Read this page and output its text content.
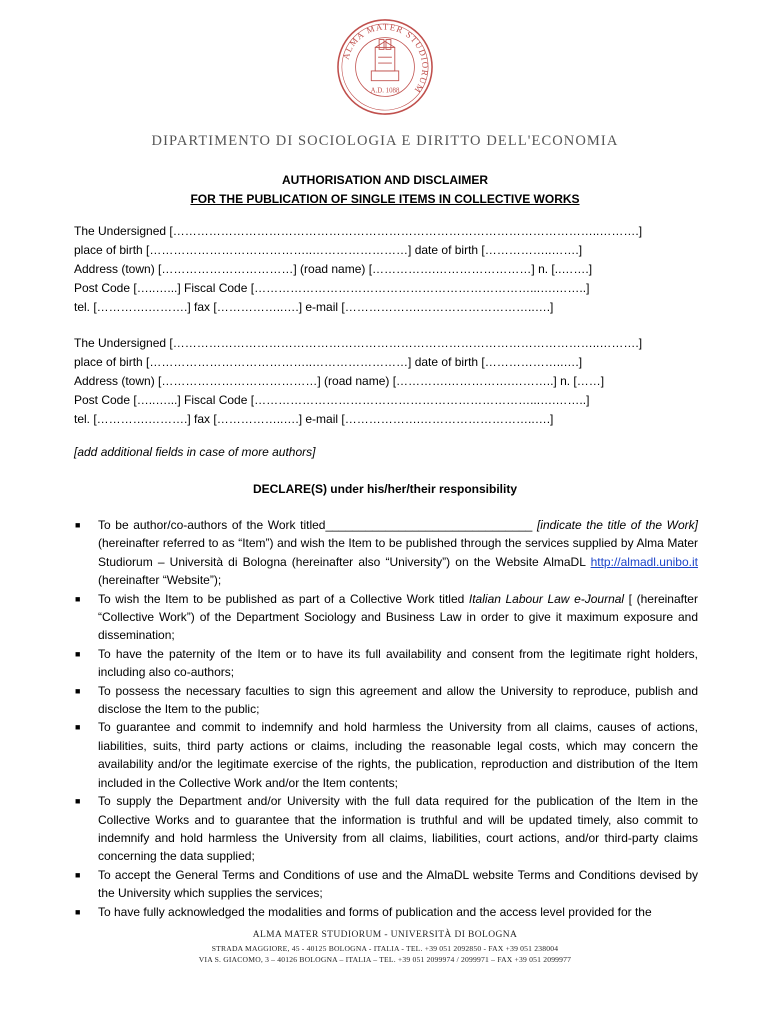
ALMA MATER STUDIORUM
A.D. 1088
DIPARTIMENTO DI SOCIOLOGIA E DIRITTO DELL'ECONOMIA
AUTHORISATION AND DISCLAIMER
FOR THE PUBLICATION OF SINGLE ITEMS IN COLLECTIVE WORKS
The Undersigned [……………………………………………………………………………………………..……….]
place of birth […………………………………..……………………] date of birth [……………..…….]
Address (town) [……………………………] (road name) […………….……………………] n. [..…….]
Post Code […..…...] Fiscal Code [……………………………………………………………...….……..]
tel. [………….……….] fax [……………..….] e-mail [……………….………………………..….]
The Undersigned [……………………………………………………………………………………………..……….]
place of birth […………………………………..……………………] date of birth [………………..….]
Address (town) […………………………………] (road name) [………….…………….………..] n. [……]
Post Code […..…...] Fiscal Code [……………………………………………………………...….……..]
tel. [………….……….] fax [……………..….] e-mail [……………….………………………..….]
[add additional fields in case of more authors]
DECLARE(S) under his/her/their responsibility
■ To be author/co-authors of the Work titled_______________________________ [indicate the title of the Work] (hereinafter referred to as “Item”) and wish the Item to be published through the services supplied by Alma Mater Studiorum – Università di Bologna (hereinafter also “University”) on the Website AlmaDL http://almadl.unibo.it (hereinafter “Website”);
■ To wish the Item to be published as part of a Collective Work titled Italian Labour Law e-Journal [ (hereinafter “Collective Work”) of the Department Sociology and Business Law in order to give it maximum exposure and dissemination;
■ To have the paternity of the Item or to have its full availability and consent from the legitimate right holders, including also co-authors;
■ To possess the necessary faculties to sign this agreement and allow the University to reproduce, publish and disclose the Item to the public;
■ To guarantee and commit to indemnify and hold harmless the University from all claims, causes of actions, liabilities, suits, third party actions or claims, including the reasonable legal costs, which may concern the availability and/or the legitimate exercise of the rights, the publication, reproduction and distribution of the Item included in the Collective Work and/or the Item contents;
■ To supply the Department and/or University with the full data required for the publication of the Item in the Collective Works and to guarantee that the information is truthful and will be updated timely, also commit to indemnify and hold harmless the University from all claims, liabilities, court actions, and/or third-party claims concerning the data supplied;
■ To accept the General Terms and Conditions of use and the AlmaDL website Terms and Conditions devised by the University which supplies the services;
■ To have fully acknowledged the modalities and forms of publication and the access level provided for the
ALMA MATER STUDIORUM - UNIVERSITÀ DI BOLOGNA
STRADA MAGGIORE, 45 - 40125 BOLOGNA - ITALIA - TEL. +39 051 2092850 - FAX +39 051 238004
VIA S. GIACOMO, 3 – 40126 BOLOGNA – ITALIA – TEL. +39 051 2099974 / 2099971 – FAX +39 051 2099977
